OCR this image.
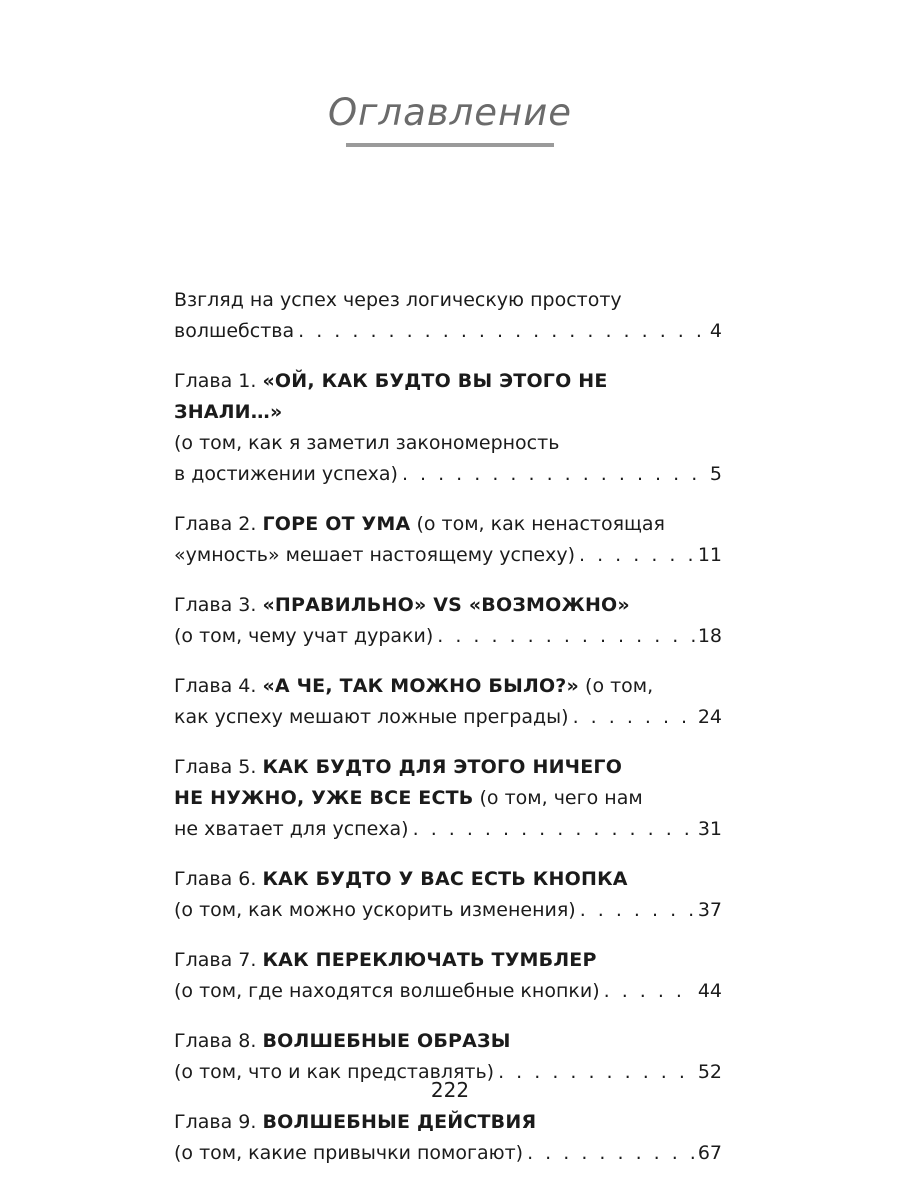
Оглавление
Взгляд на успех через логическую простоту
волшебства . . .	4
Глава 1. «ОЙ, КАК БУДТО ВЫ ЭТОГО НЕ ЗНАЛИ…»
(о том, как я заметил закономерность
в достижении успеха) . . .	5
Глава 2. ГОРЕ ОТ УМА (о том, как ненастоящая
«умность» мешает настоящему успеху) . . .	11
Глава 3. «ПРАВИЛЬНО» VS «ВОЗМОЖНО»
(о том, чему учат дураки) . . .	18
Глава 4. «А ЧЕ, ТАК МОЖНО БЫЛО?» (о том,
как успеху мешают ложные преграды) . . .	24
Глава 5. КАК БУДТО ДЛЯ ЭТОГО НИЧЕГО
НЕ НУЖНО, УЖЕ ВСЕ ЕСТЬ (о том, чего нам
не хватает для успеха) . . .	31
Глава 6. КАК БУДТО У ВАС ЕСТЬ КНОПКА
(о том, как можно ускорить изменения) . . .	37
Глава 7. КАК ПЕРЕКЛЮЧАТЬ ТУМБЛЕР
(о том, где находятся волшебные кнопки) . . .	44
Глава 8. ВОЛШЕБНЫЕ ОБРАЗЫ
(о том, что и как представлять) . . .	52
Глава 9. ВОЛШЕБНЫЕ ДЕЙСТВИЯ
(о том, какие привычки помогают) . . .	67
222
